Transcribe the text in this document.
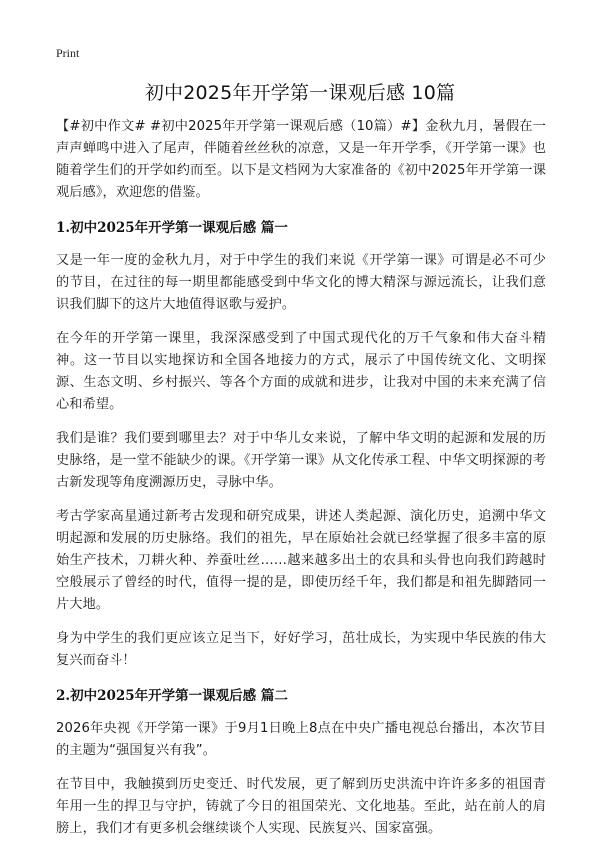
Print
初中2025年开学第一课观后感 10篇

【#初中作文# #初中2025年开学第一课观后感（10篇）#】金秋九月，暑假在一声声蝉鸣中进入了尾声，伴随着丝丝秋的凉意，又是一年开学季，《开学第一课》也随着学生们的开学如约而至。以下是文档网为大家准备的《初中2025年开学第一课观后感》，欢迎您的借鉴。

1.初中2025年开学第一课观后感 篇一

又是一年一度的金秋九月，对于中学生的我们来说《开学第一课》可谓是必不可少的节目，在过往的每一期里都能感受到中华文化的博大精深与源远流长，让我们意识我们脚下的这片大地值得讴歌与爱护。

在今年的开学第一课里，我深深感受到了中国式现代化的万千气象和伟大奋斗精神。这一节目以实地探访和全国各地接力的方式，展示了中国传统文化、文明探源、生态文明、乡村振兴、等各个方面的成就和进步，让我对中国的未来充满了信心和希望。

我们是谁？我们要到哪里去？对于中华儿女来说，了解中华文明的起源和发展的历史脉络，是一堂不能缺少的课。《开学第一课》从文化传承工程、中华文明探源的考古新发现等角度溯源历史，寻脉中华。

考古学家高星通过新考古发现和研究成果，讲述人类起源、演化历史，追溯中华文明起源和发展的历史脉络。我们的祖先，早在原始社会就已经掌握了很多丰富的原始生产技术，刀耕火种、养蚕吐丝……越来越多出土的农具和头骨也向我们跨越时空般展示了曾经的时代，值得一提的是，即使历经千年，我们都是和祖先脚踏同一片大地。

身为中学生的我们更应该立足当下，好好学习，茁壮成长，为实现中华民族的伟大复兴而奋斗！

2.初中2025年开学第一课观后感 篇二

2026年央视《开学第一课》于9月1日晚上8点在中央广播电视总台播出，本次节目的主题为“强国复兴有我”。

在节目中，我触摸到历史变迁、时代发展，更了解到历史洪流中许许多多的祖国青年用一生的捍卫与守护，铸就了今日的祖国荣光、文化地基。至此，站在前人的肩膀上，我们才有更多机会继续谈个人实现、民族复兴、国家富强。
